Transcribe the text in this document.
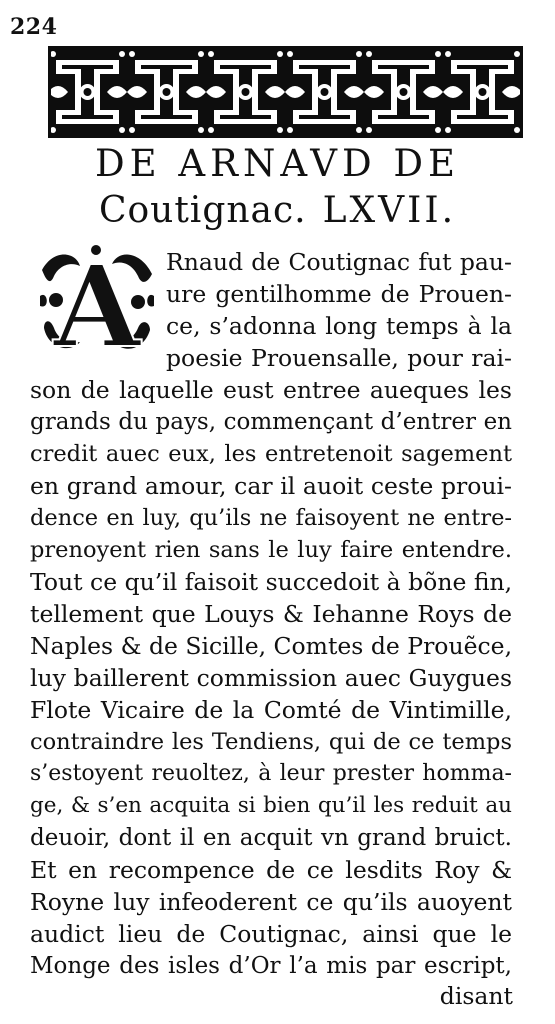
224
DE ARNAVD DE
Coutignac. LXVII.
A Rnaud de Coutignac fut pau-
ure gentilhomme de Prouen-
ce, s’adonna long temps à la
poesie Prouensalle, pour rai-
son de laquelle eust entree aueques les
grands du pays, commençant d’entrer en
credit auec eux, les entretenoit sagement
en grand amour, car il auoit ceste proui-
dence en luy, qu’ils ne faisoyent ne entre-
prenoyent rien sans le luy faire entendre.
Tout ce qu’il faisoit succedoit à bõne fin,
tellement que Louys & Iehanne Roys de
Naples & de Sicille, Comtes de Prouẽce,
luy baillerent commission auec Guygues
Flote Vicaire de la Comté de Vintimille,
contraindre les Tendiens, qui de ce temps
s’estoyent reuoltez, à leur prester homma-
ge, & s’en acquita si bien qu’il les reduit au
deuoir, dont il en acquit vn grand bruict.
Et en recompence de ce lesdits Roy &
Royne luy infeoderent ce qu’ils auoyent
audict lieu de Coutignac, ainsi que le
Monge des isles d’Or l’a mis par escript,
disant
